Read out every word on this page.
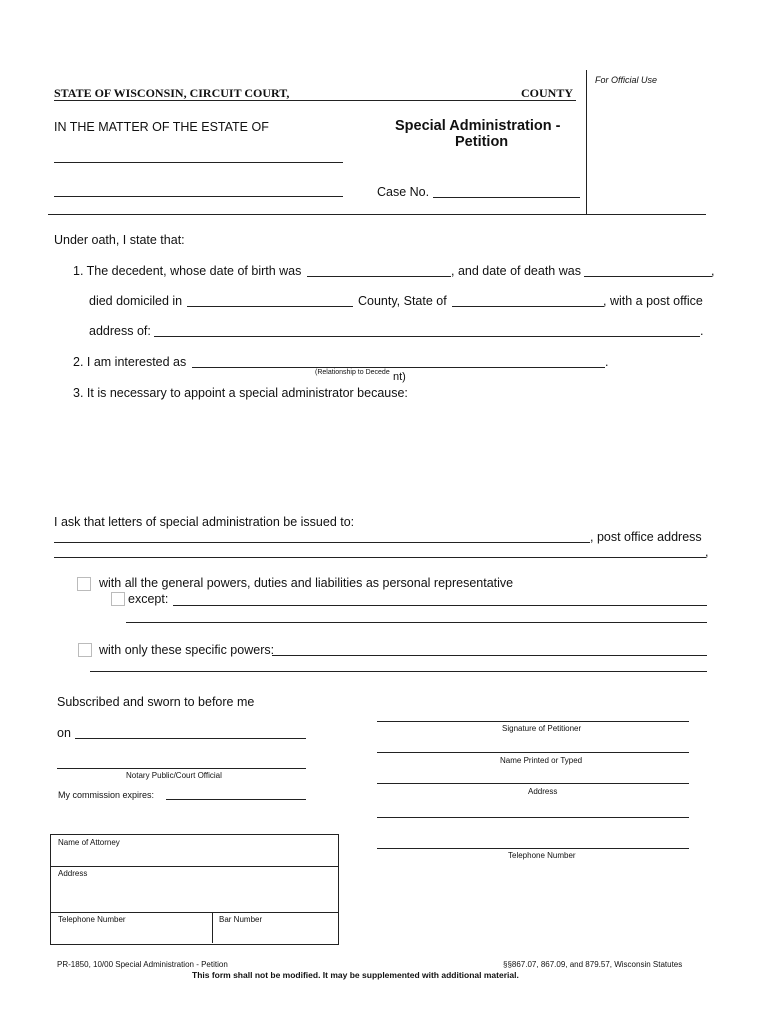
For Official Use
STATE OF WISCONSIN, CIRCUIT COURT,	COUNTY
IN THE MATTER OF THE ESTATE OF	Special Administration -
Petition
Case No.
Under oath, I state that:
1. The decedent, whose date of birth was	, and date of death was	,
died domiciled in	County, State of	, with a post office
address of:	.
2. I am interested as	.
(Relationship to Decede nt)
3. It is necessary to appoint a special administrator because:
I ask that letters of special administration be issued to:
, post office address
,
with all the general powers, duties and liabilities as personal representative
except:
with only these specific powers:
Subscribed and sworn to before me
on
Notary Public/Court Official
My commission expires:
Signature of Petitioner
Name Printed or Typed
Address
Telephone Number
Name of Attorney
Address
Telephone Number	Bar Number
PR-1850, 10/00 Special Administration - Petition	§§867.07, 867.09, and 879.57, Wisconsin Statutes
This form shall not be modified. It may be supplemented with additional material.
